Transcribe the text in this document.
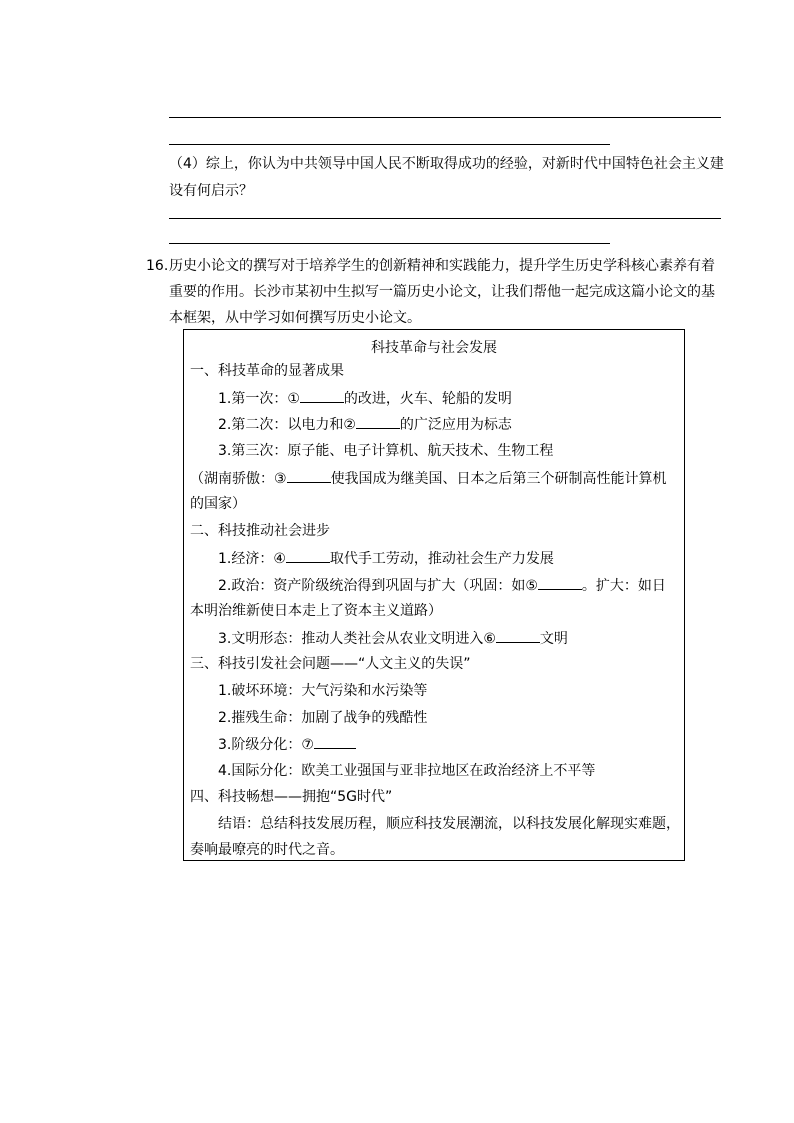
（4）综上，你认为中共领导中国人民不断取得成功的经验，对新时代中国特色社会主义建
设有何启示？
16. 历史小论文的撰写对于培养学生的创新精神和实践能力，提升学生历史学科核心素养有着
重要的作用。长沙市某初中生拟写一篇历史小论文，让我们帮他一起完成这篇小论文的基
本框架，从中学习如何撰写历史小论文。
科技革命与社会发展
一、科技革命的显著成果
1.第一次：①	的改进，火车、轮船的发明
2.第二次：以电力和②	的广泛应用为标志
3.第三次：原子能、电子计算机、航天技术、生物工程
（湖南骄傲：③	使我国成为继美国、日本之后第三个研制高性能计算机
的国家）
二、科技推动社会进步
1.经济：④	取代手工劳动，推动社会生产力发展
2.政治：资产阶级统治得到巩固与扩大（巩固：如⑤	。扩大：如日
本明治维新使日本走上了资本主义道路）
3.文明形态：推动人类社会从农业文明进入⑥	文明
三、科技引发社会问题——“人文主义的失误”
1.破坏环境：大气污染和水污染等
2.摧残生命：加剧了战争的残酷性
3.阶级分化：⑦
4.国际分化：欧美工业强国与亚非拉地区在政治经济上不平等
四、科技畅想——拥抱“5G时代”
结语：总结科技发展历程，顺应科技发展潮流，以科技发展化解现实难题，
奏响最嘹亮的时代之音。
